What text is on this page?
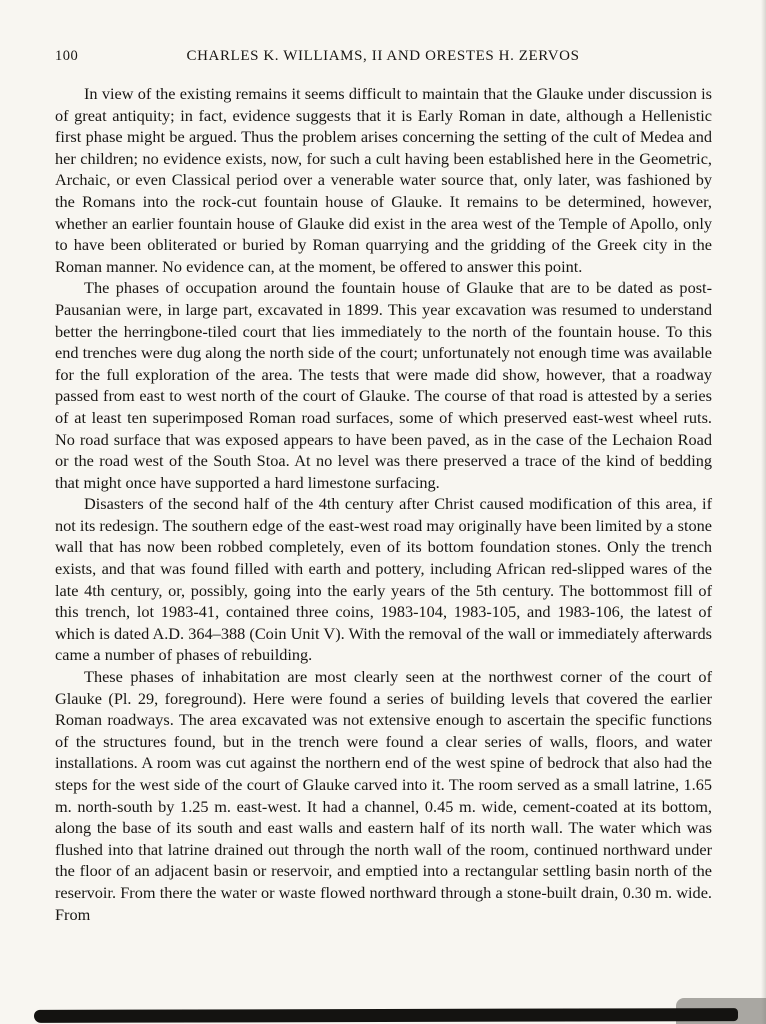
100	CHARLES K. WILLIAMS, II AND ORESTES H. ZERVOS

In view of the existing remains it seems difficult to maintain that the Glauke under discussion is of great antiquity; in fact, evidence suggests that it is Early Roman in date, although a Hellenistic first phase might be argued. Thus the problem arises concerning the setting of the cult of Medea and her children; no evidence exists, now, for such a cult having been established here in the Geometric, Archaic, or even Classical period over a venerable water source that, only later, was fashioned by the Romans into the rock-cut fountain house of Glauke. It remains to be determined, however, whether an earlier fountain house of Glauke did exist in the area west of the Temple of Apollo, only to have been obliterated or buried by Roman quarrying and the gridding of the Greek city in the Roman manner. No evidence can, at the moment, be offered to answer this point.

The phases of occupation around the fountain house of Glauke that are to be dated as post-Pausanian were, in large part, excavated in 1899. This year excavation was resumed to understand better the herringbone-tiled court that lies immediately to the north of the fountain house. To this end trenches were dug along the north side of the court; unfortunately not enough time was available for the full exploration of the area. The tests that were made did show, however, that a roadway passed from east to west north of the court of Glauke. The course of that road is attested by a series of at least ten superimposed Roman road surfaces, some of which preserved east-west wheel ruts. No road surface that was exposed appears to have been paved, as in the case of the Lechaion Road or the road west of the South Stoa. At no level was there preserved a trace of the kind of bedding that might once have supported a hard limestone surfacing.

Disasters of the second half of the 4th century after Christ caused modification of this area, if not its redesign. The southern edge of the east-west road may originally have been limited by a stone wall that has now been robbed completely, even of its bottom foundation stones. Only the trench exists, and that was found filled with earth and pottery, including African red-slipped wares of the late 4th century, or, possibly, going into the early years of the 5th century. The bottommost fill of this trench, lot 1983-41, contained three coins, 1983-104, 1983-105, and 1983-106, the latest of which is dated A.D. 364–388 (Coin Unit V). With the removal of the wall or immediately afterwards came a number of phases of rebuilding.

These phases of inhabitation are most clearly seen at the northwest corner of the court of Glauke (Pl. 29, foreground). Here were found a series of building levels that covered the earlier Roman roadways. The area excavated was not extensive enough to ascertain the specific functions of the structures found, but in the trench were found a clear series of walls, floors, and water installations. A room was cut against the northern end of the west spine of bedrock that also had the steps for the west side of the court of Glauke carved into it. The room served as a small latrine, 1.65 m. north-south by 1.25 m. east-west. It had a channel, 0.45 m. wide, cement-coated at its bottom, along the base of its south and east walls and eastern half of its north wall. The water which was flushed into that latrine drained out through the north wall of the room, continued northward under the floor of an adjacent basin or reservoir, and emptied into a rectangular settling basin north of the reservoir. From there the water or waste flowed northward through a stone-built drain, 0.30 m. wide. From
